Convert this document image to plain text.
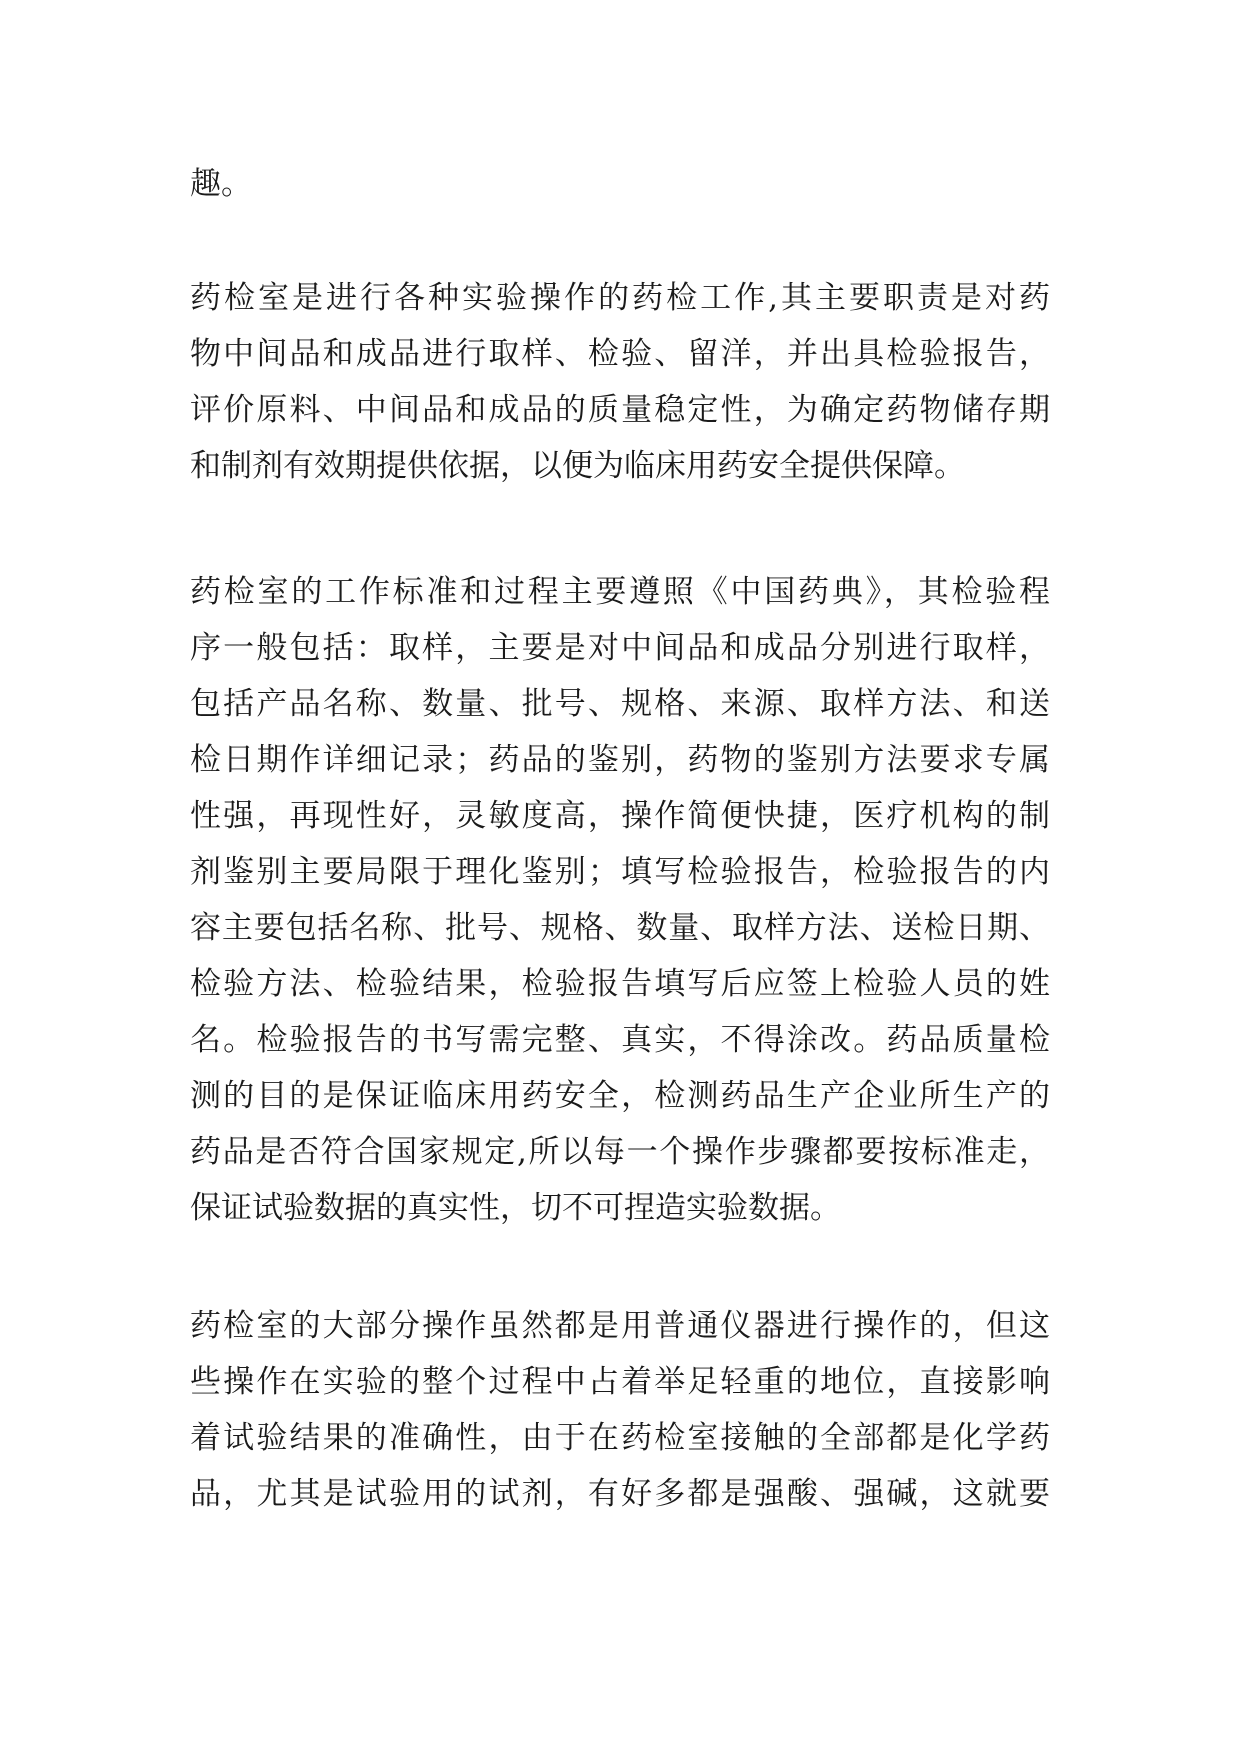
趣。
药检室是进行各种实验操作的药检工作,其主要职责是对药
物中间品和成品进行取样、检验、留洋，并出具检验报告，
评价原料、中间品和成品的质量稳定性，为确定药物储存期
和制剂有效期提供依据，以便为临床用药安全提供保障。
药检室的工作标准和过程主要遵照《中国药典》，其检验程
序一般包括：取样，主要是对中间品和成品分别进行取样，
包括产品名称、数量、批号、规格、来源、取样方法、和送
检日期作详细记录；药品的鉴别，药物的鉴别方法要求专属
性强，再现性好，灵敏度高，操作简便快捷，医疗机构的制
剂鉴别主要局限于理化鉴别；填写检验报告，检验报告的内
容主要包括名称、批号、规格、数量、取样方法、送检日期、
检验方法、检验结果，检验报告填写后应签上检验人员的姓
名。检验报告的书写需完整、真实，不得涂改。药品质量检
测的目的是保证临床用药安全，检测药品生产企业所生产的
药品是否符合国家规定,所以每一个操作步骤都要按标准走，
保证试验数据的真实性，切不可捏造实验数据。
药检室的大部分操作虽然都是用普通仪器进行操作的，但这
些操作在实验的整个过程中占着举足轻重的地位，直接影响
着试验结果的准确性，由于在药检室接触的全部都是化学药
品，尤其是试验用的试剂，有好多都是强酸、强碱，这就要
